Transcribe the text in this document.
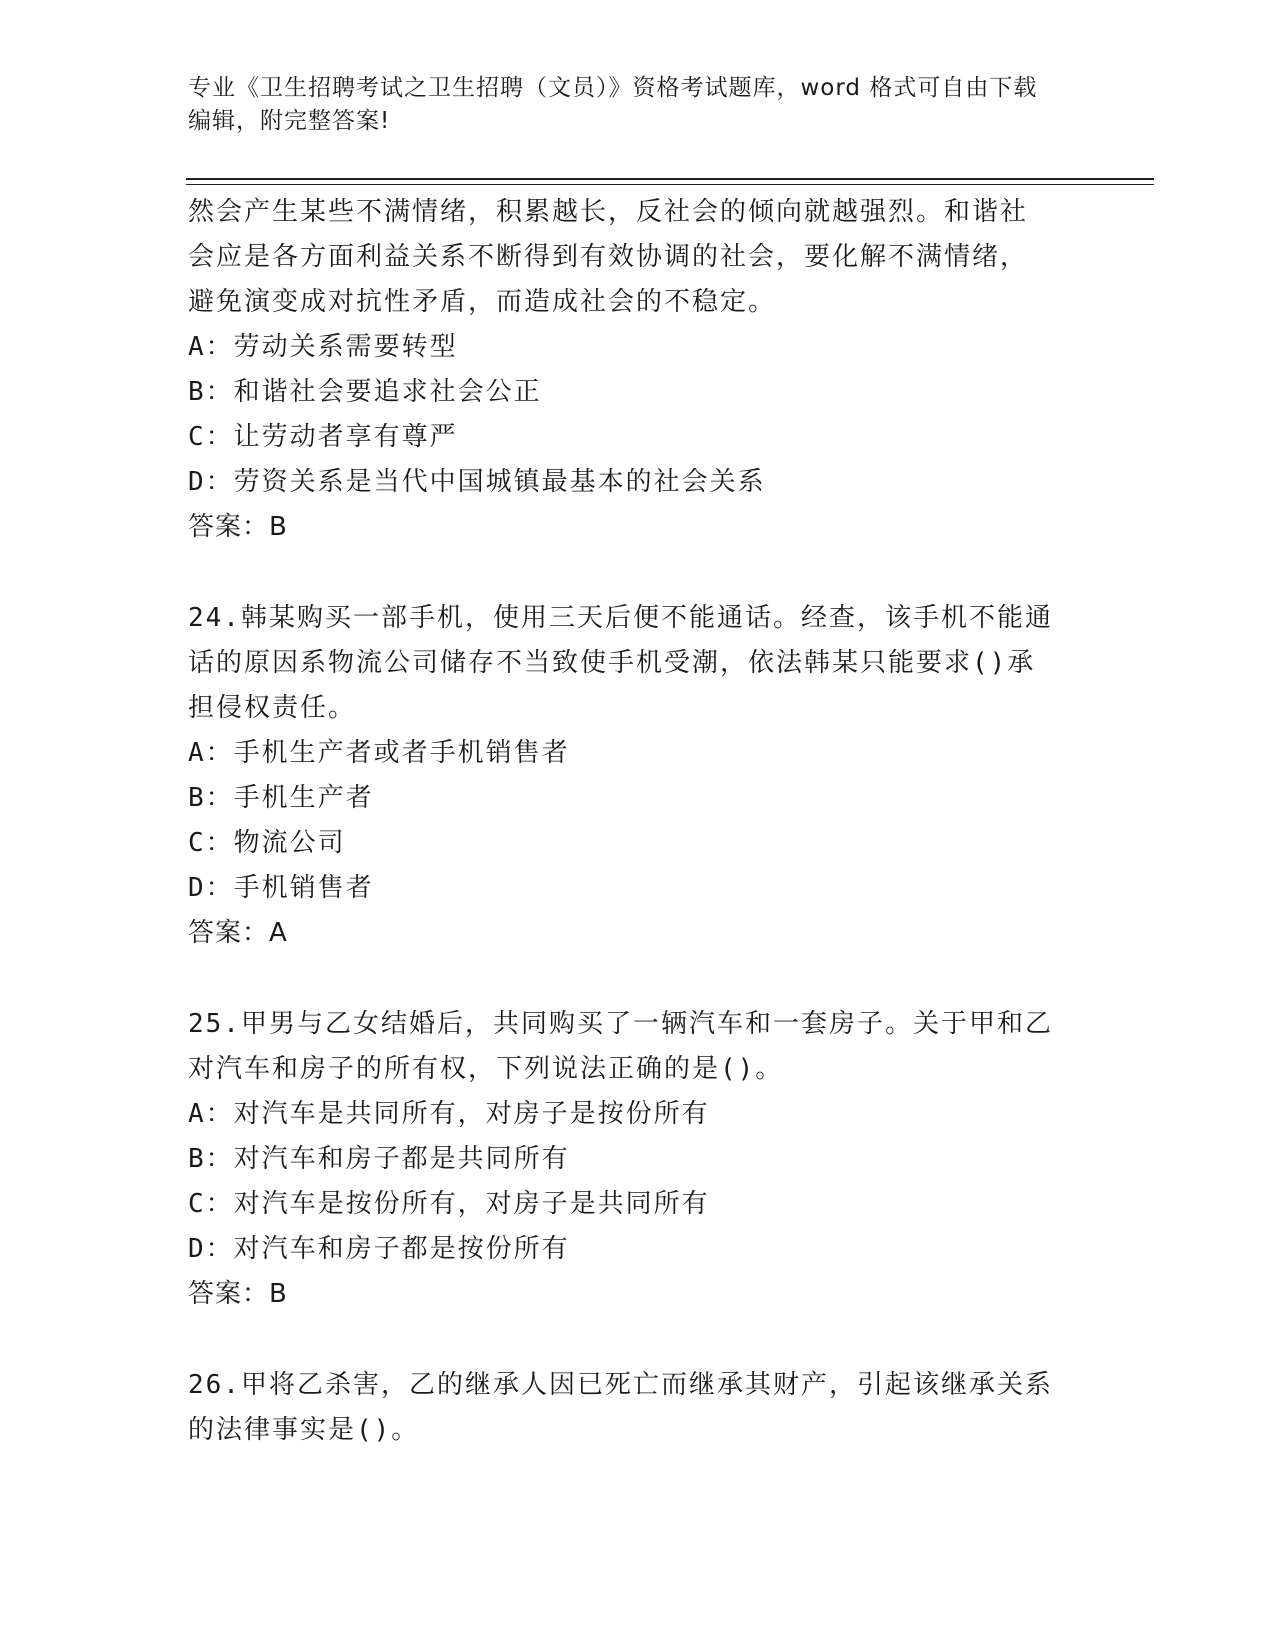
专业《卫生招聘考试之卫生招聘（文员）》资格考试题库，word 格式可自由下载
编辑，附完整答案!
然会产生某些不满情绪，积累越长，反社会的倾向就越强烈。和谐社
会应是各方面利益关系不断得到有效协调的社会，要化解不满情绪，
避免演变成对抗性矛盾，而造成社会的不稳定。
A：劳动关系需要转型
B：和谐社会要追求社会公正
C：让劳动者享有尊严
D：劳资关系是当代中国城镇最基本的社会关系
答案：B
24.韩某购买一部手机，使用三天后便不能通话。经查，该手机不能通
话的原因系物流公司储存不当致使手机受潮，依法韩某只能要求()承
担侵权责任。
A：手机生产者或者手机销售者
B：手机生产者
C：物流公司
D：手机销售者
答案：A
25.甲男与乙女结婚后，共同购买了一辆汽车和一套房子。关于甲和乙
对汽车和房子的所有权，下列说法正确的是()。
A：对汽车是共同所有，对房子是按份所有
B：对汽车和房子都是共同所有
C：对汽车是按份所有，对房子是共同所有
D：对汽车和房子都是按份所有
答案：B
26.甲将乙杀害，乙的继承人因已死亡而继承其财产，引起该继承关系
的法律事实是()。
